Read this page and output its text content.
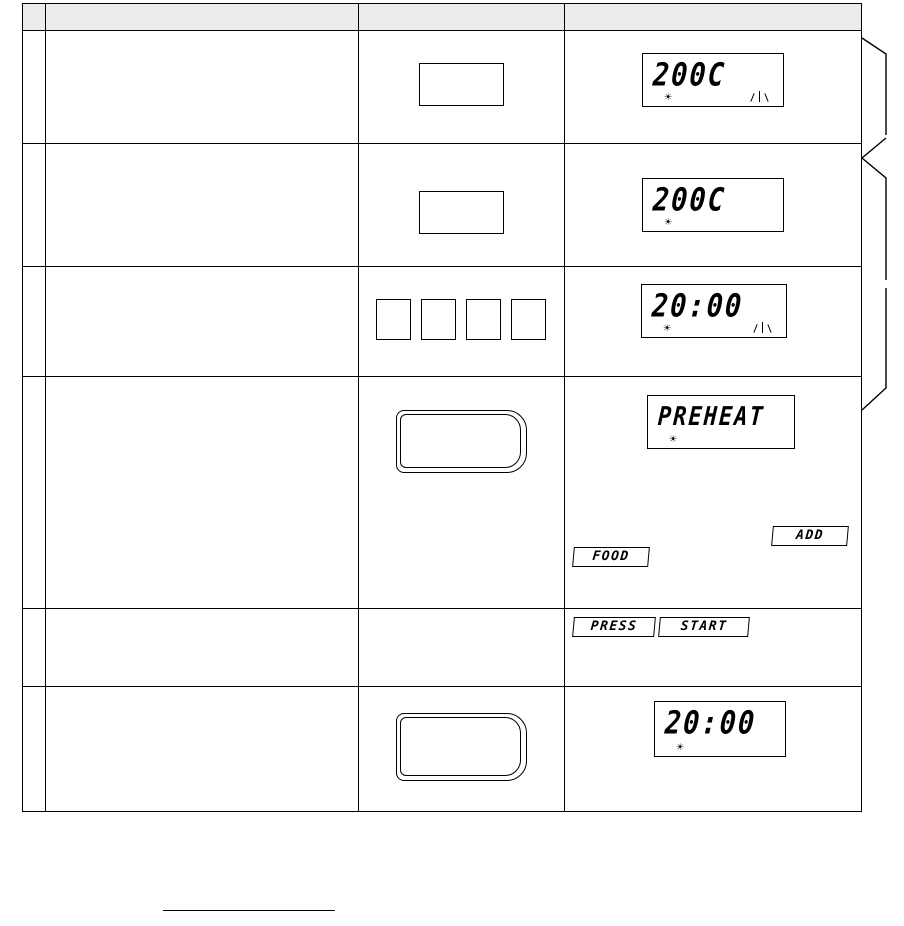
			200C
☀

			200C
☀

			20:00
☀

			PREHEAT
☀
ADD
FOOD

			PRESS START

			20:00
☀
